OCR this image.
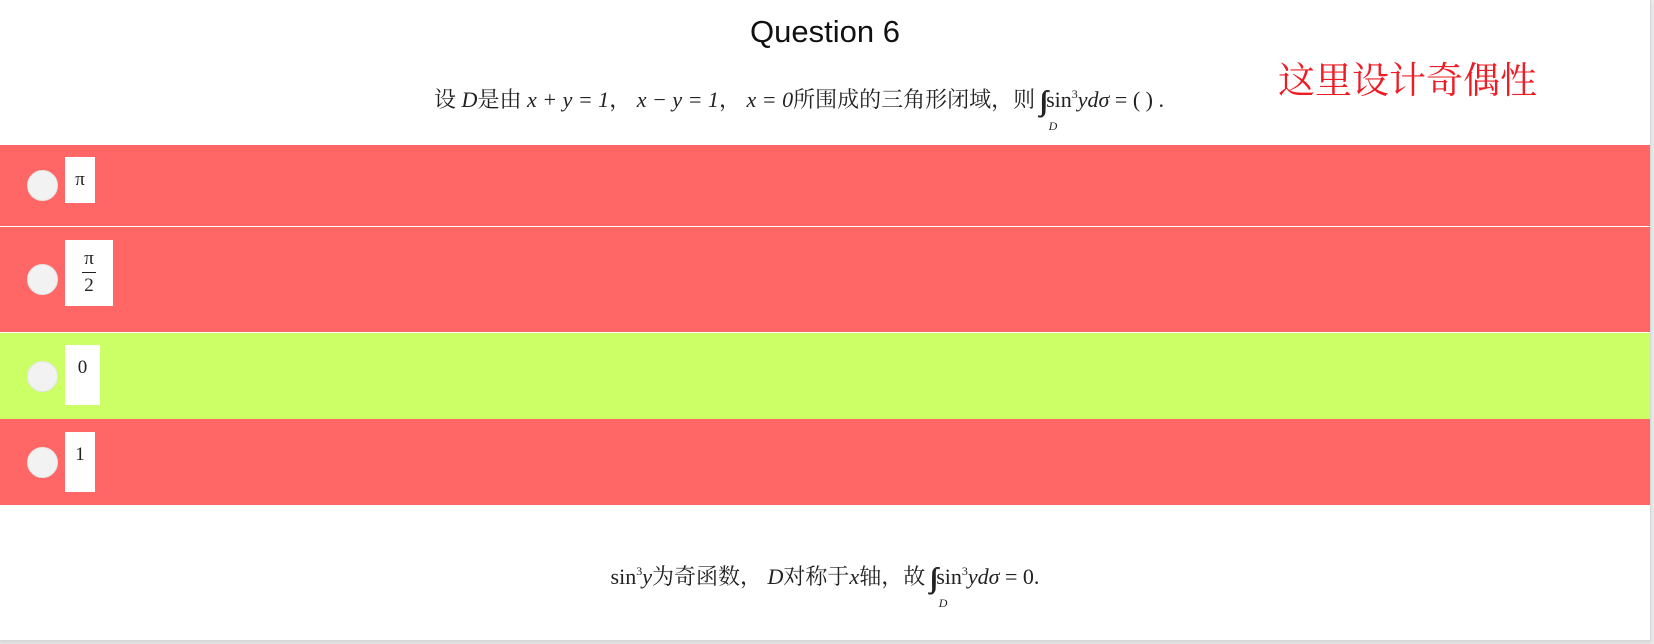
Question 6
这里设计奇偶性
设 D是由 x + y = 1， x − y = 1， x = 0所围成的三角形闭域，则
D
$\sin^3yd\sigma$ = ( ) .
π
$\frac{\pi}{2}$
0
1
$\sin^3y$为奇函数， D对称于x轴，故
D
$\sin^3yd\sigma = 0$.
